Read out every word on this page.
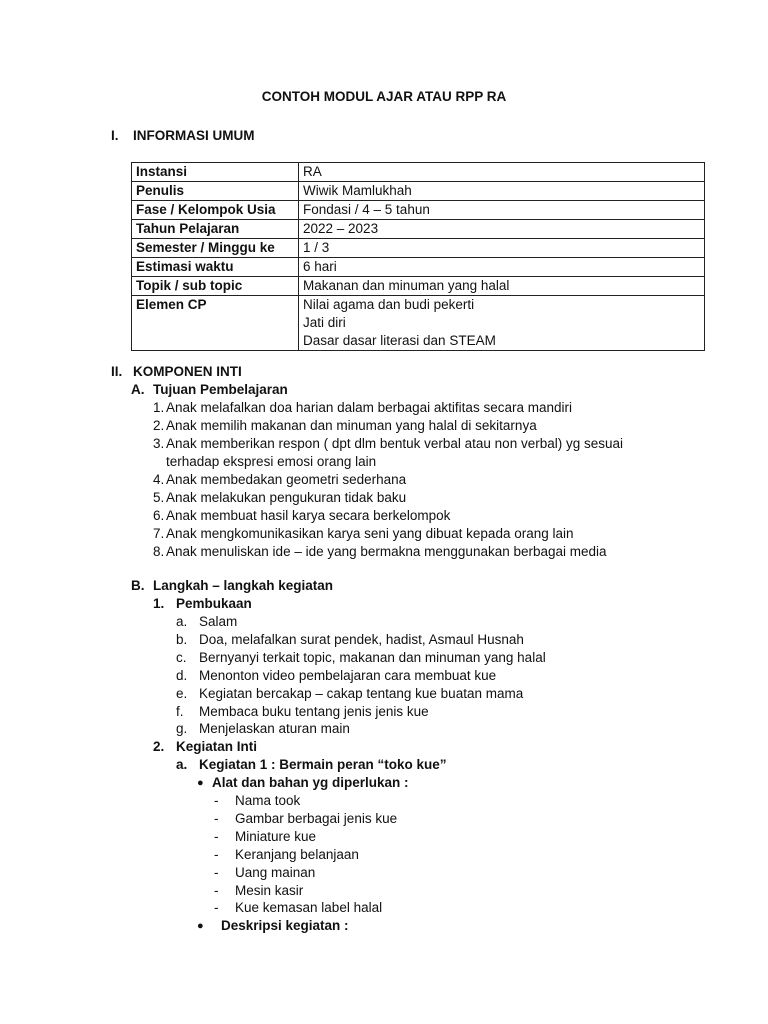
CONTOH MODUL AJAR ATAU RPP RA
I. INFORMASI UMUM
Instansi	RA

Penulis	Wiwik Mamlukhah

Fase / Kelompok Usia	Fondasi / 4 – 5 tahun

Tahun Pelajaran	2022 – 2023

Semester / Minggu ke	1 / 3

Estimasi waktu	6 hari

Topik / sub topic	Makanan dan minuman yang halal

Elemen CP	Nilai agama dan budi pekerti
Jati diri
Dasar dasar literasi dan STEAM
II. KOMPONEN INTI
A. Tujuan Pembelajaran
1. Anak melafalkan doa harian dalam berbagai aktifitas secara mandiri
2. Anak memilih makanan dan minuman yang halal di sekitarnya
3. Anak memberikan respon ( dpt dlm bentuk verbal atau non verbal) yg sesuai
terhadap ekspresi emosi orang lain
4. Anak membedakan geometri sederhana
5. Anak melakukan pengukuran tidak baku
6. Anak membuat hasil karya secara berkelompok
7. Anak mengkomunikasikan karya seni yang dibuat kepada orang lain
8. Anak menuliskan ide – ide yang bermakna menggunakan berbagai media
B. Langkah – langkah kegiatan
1. Pembukaan
a. Salam
b. Doa, melafalkan surat pendek, hadist, Asmaul Husnah
c. Bernyanyi terkait topic, makanan dan minuman yang halal
d. Menonton video pembelajaran cara membuat kue
e. Kegiatan bercakap – cakap tentang kue buatan mama
f. Membaca buku tentang jenis jenis kue
g. Menjelaskan aturan main
2. Kegiatan Inti
a. Kegiatan 1 : Bermain peran “toko kue”
● Alat dan bahan yg diperlukan :
- Nama took
- Gambar berbagai jenis kue
- Miniature kue
- Keranjang belanjaan
- Uang mainan
- Mesin kasir
- Kue kemasan label halal
● Deskripsi kegiatan :
